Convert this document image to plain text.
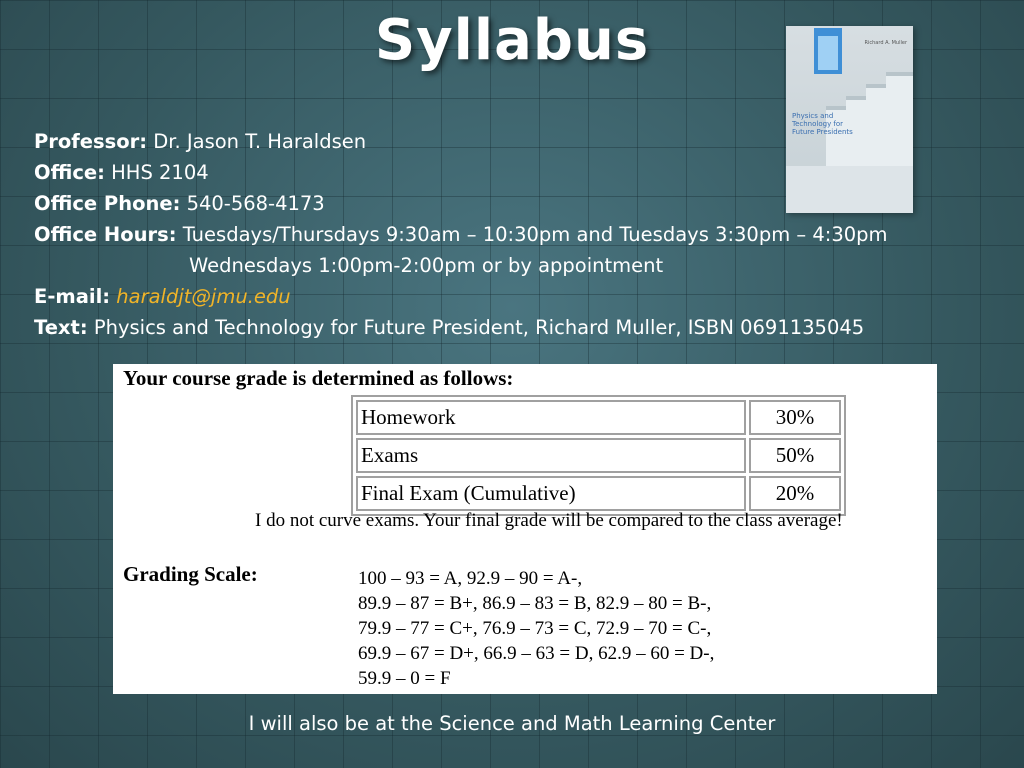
Syllabus	Richard A. Muller
Physics and Technology for Future Presidents
Professor: Dr. Jason T. Haraldsen
Office: HHS 2104
Office Phone: 540-568-4173
Office Hours: Tuesdays/Thursdays 9:30am – 10:30pm and Tuesdays 3:30pm – 4:30pm
Wednesdays 1:00pm-2:00pm or by appointment
E-mail: haraldjt@jmu.edu
Text: Physics and Technology for Future President, Richard Muller, ISBN 0691135045
Your course grade is determined as follows:
Homework	30%
Exams	50%
Final Exam (Cumulative)	20%
I do not curve exams. Your final grade will be compared to the class average!
Grading Scale:	100 – 93 = A, 92.9 – 90 = A-,
89.9 – 87 = B+, 86.9 – 83 = B, 82.9 – 80 = B-,
79.9 – 77 = C+, 76.9 – 73 = C, 72.9 – 70 = C-,
69.9 – 67 = D+, 66.9 – 63 = D, 62.9 – 60 = D-,
59.9 – 0 = F
I will also be at the Science and Math Learning Center
